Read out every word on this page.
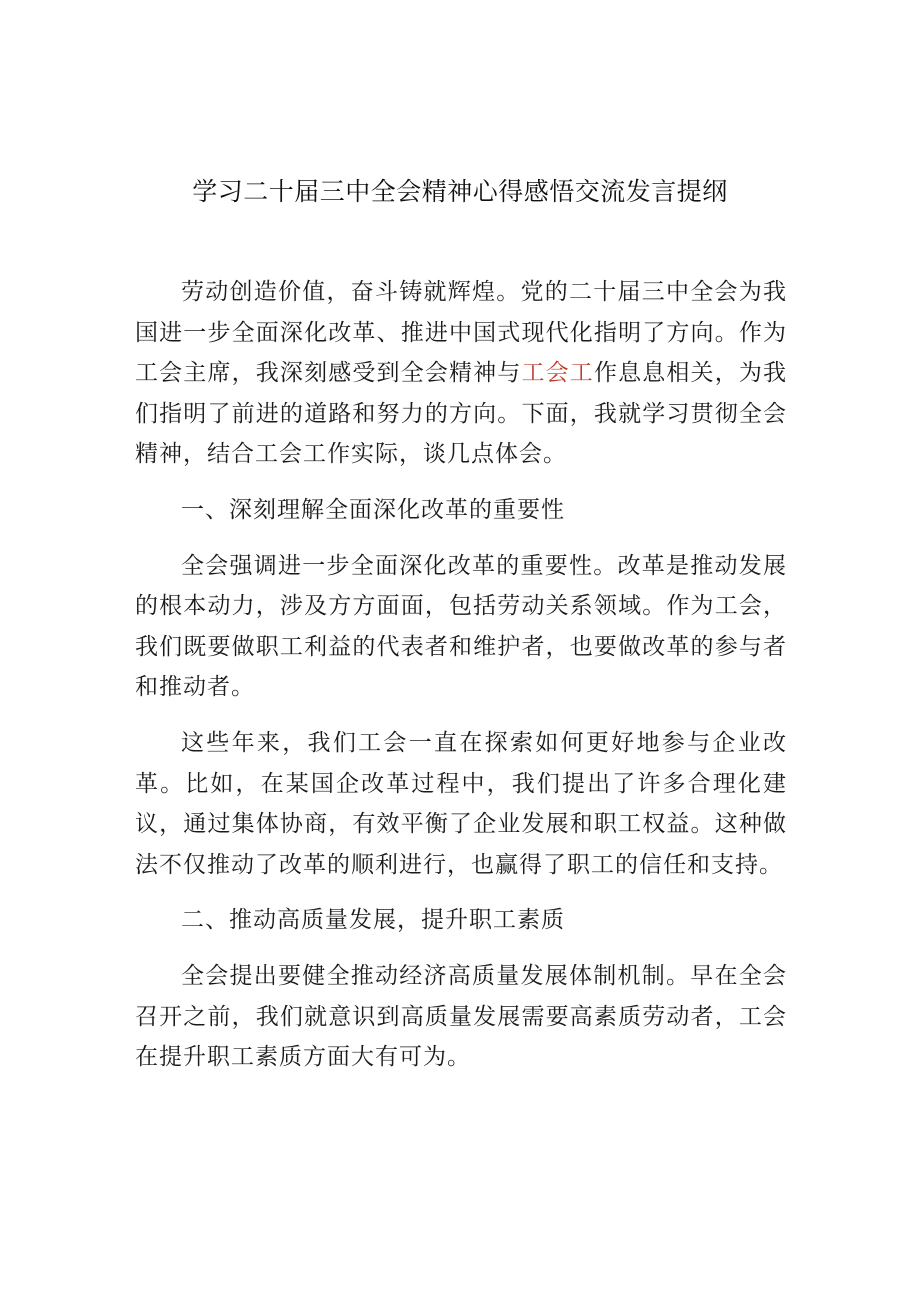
学习二十届三中全会精神心得感悟交流发言提纲

劳动创造价值，奋斗铸就辉煌。党的二十届三中全会为我国进一步全面深化改革、推进中国式现代化指明了方向。作为工会主席，我深刻感受到全会精神与工会工作息息相关，为我们指明了前进的道路和努力的方向。下面，我就学习贯彻全会精神，结合工会工作实际，谈几点体会。

一、深刻理解全面深化改革的重要性

全会强调进一步全面深化改革的重要性。改革是推动发展的根本动力，涉及方方面面，包括劳动关系领域。作为工会，我们既要做职工利益的代表者和维护者，也要做改革的参与者和推动者。

这些年来，我们工会一直在探索如何更好地参与企业改革。比如，在某国企改革过程中，我们提出了许多合理化建议，通过集体协商，有效平衡了企业发展和职工权益。这种做法不仅推动了改革的顺利进行，也赢得了职工的信任和支持。

二、推动高质量发展，提升职工素质

全会提出要健全推动经济高质量发展体制机制。早在全会召开之前，我们就意识到高质量发展需要高素质劳动者，工会在提升职工素质方面大有可为。
